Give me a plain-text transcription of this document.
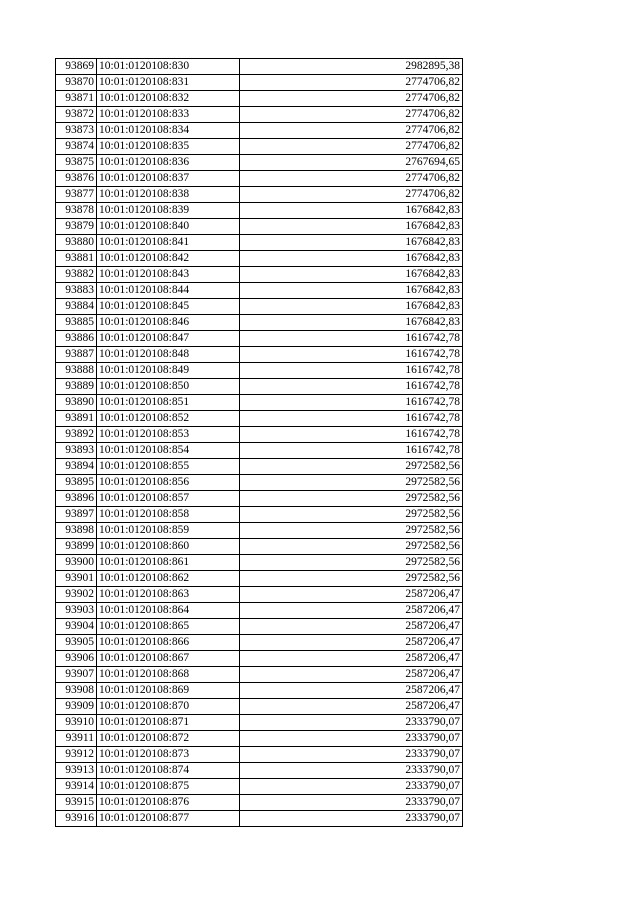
93869	10:01:0120108:830	2982895,38
93870	10:01:0120108:831	2774706,82
93871	10:01:0120108:832	2774706,82
93872	10:01:0120108:833	2774706,82
93873	10:01:0120108:834	2774706,82
93874	10:01:0120108:835	2774706,82
93875	10:01:0120108:836	2767694,65
93876	10:01:0120108:837	2774706,82
93877	10:01:0120108:838	2774706,82
93878	10:01:0120108:839	1676842,83
93879	10:01:0120108:840	1676842,83
93880	10:01:0120108:841	1676842,83
93881	10:01:0120108:842	1676842,83
93882	10:01:0120108:843	1676842,83
93883	10:01:0120108:844	1676842,83
93884	10:01:0120108:845	1676842,83
93885	10:01:0120108:846	1676842,83
93886	10:01:0120108:847	1616742,78
93887	10:01:0120108:848	1616742,78
93888	10:01:0120108:849	1616742,78
93889	10:01:0120108:850	1616742,78
93890	10:01:0120108:851	1616742,78
93891	10:01:0120108:852	1616742,78
93892	10:01:0120108:853	1616742,78
93893	10:01:0120108:854	1616742,78
93894	10:01:0120108:855	2972582,56
93895	10:01:0120108:856	2972582,56
93896	10:01:0120108:857	2972582,56
93897	10:01:0120108:858	2972582,56
93898	10:01:0120108:859	2972582,56
93899	10:01:0120108:860	2972582,56
93900	10:01:0120108:861	2972582,56
93901	10:01:0120108:862	2972582,56
93902	10:01:0120108:863	2587206,47
93903	10:01:0120108:864	2587206,47
93904	10:01:0120108:865	2587206,47
93905	10:01:0120108:866	2587206,47
93906	10:01:0120108:867	2587206,47
93907	10:01:0120108:868	2587206,47
93908	10:01:0120108:869	2587206,47
93909	10:01:0120108:870	2587206,47
93910	10:01:0120108:871	2333790,07
93911	10:01:0120108:872	2333790,07
93912	10:01:0120108:873	2333790,07
93913	10:01:0120108:874	2333790,07
93914	10:01:0120108:875	2333790,07
93915	10:01:0120108:876	2333790,07
93916	10:01:0120108:877	2333790,07
